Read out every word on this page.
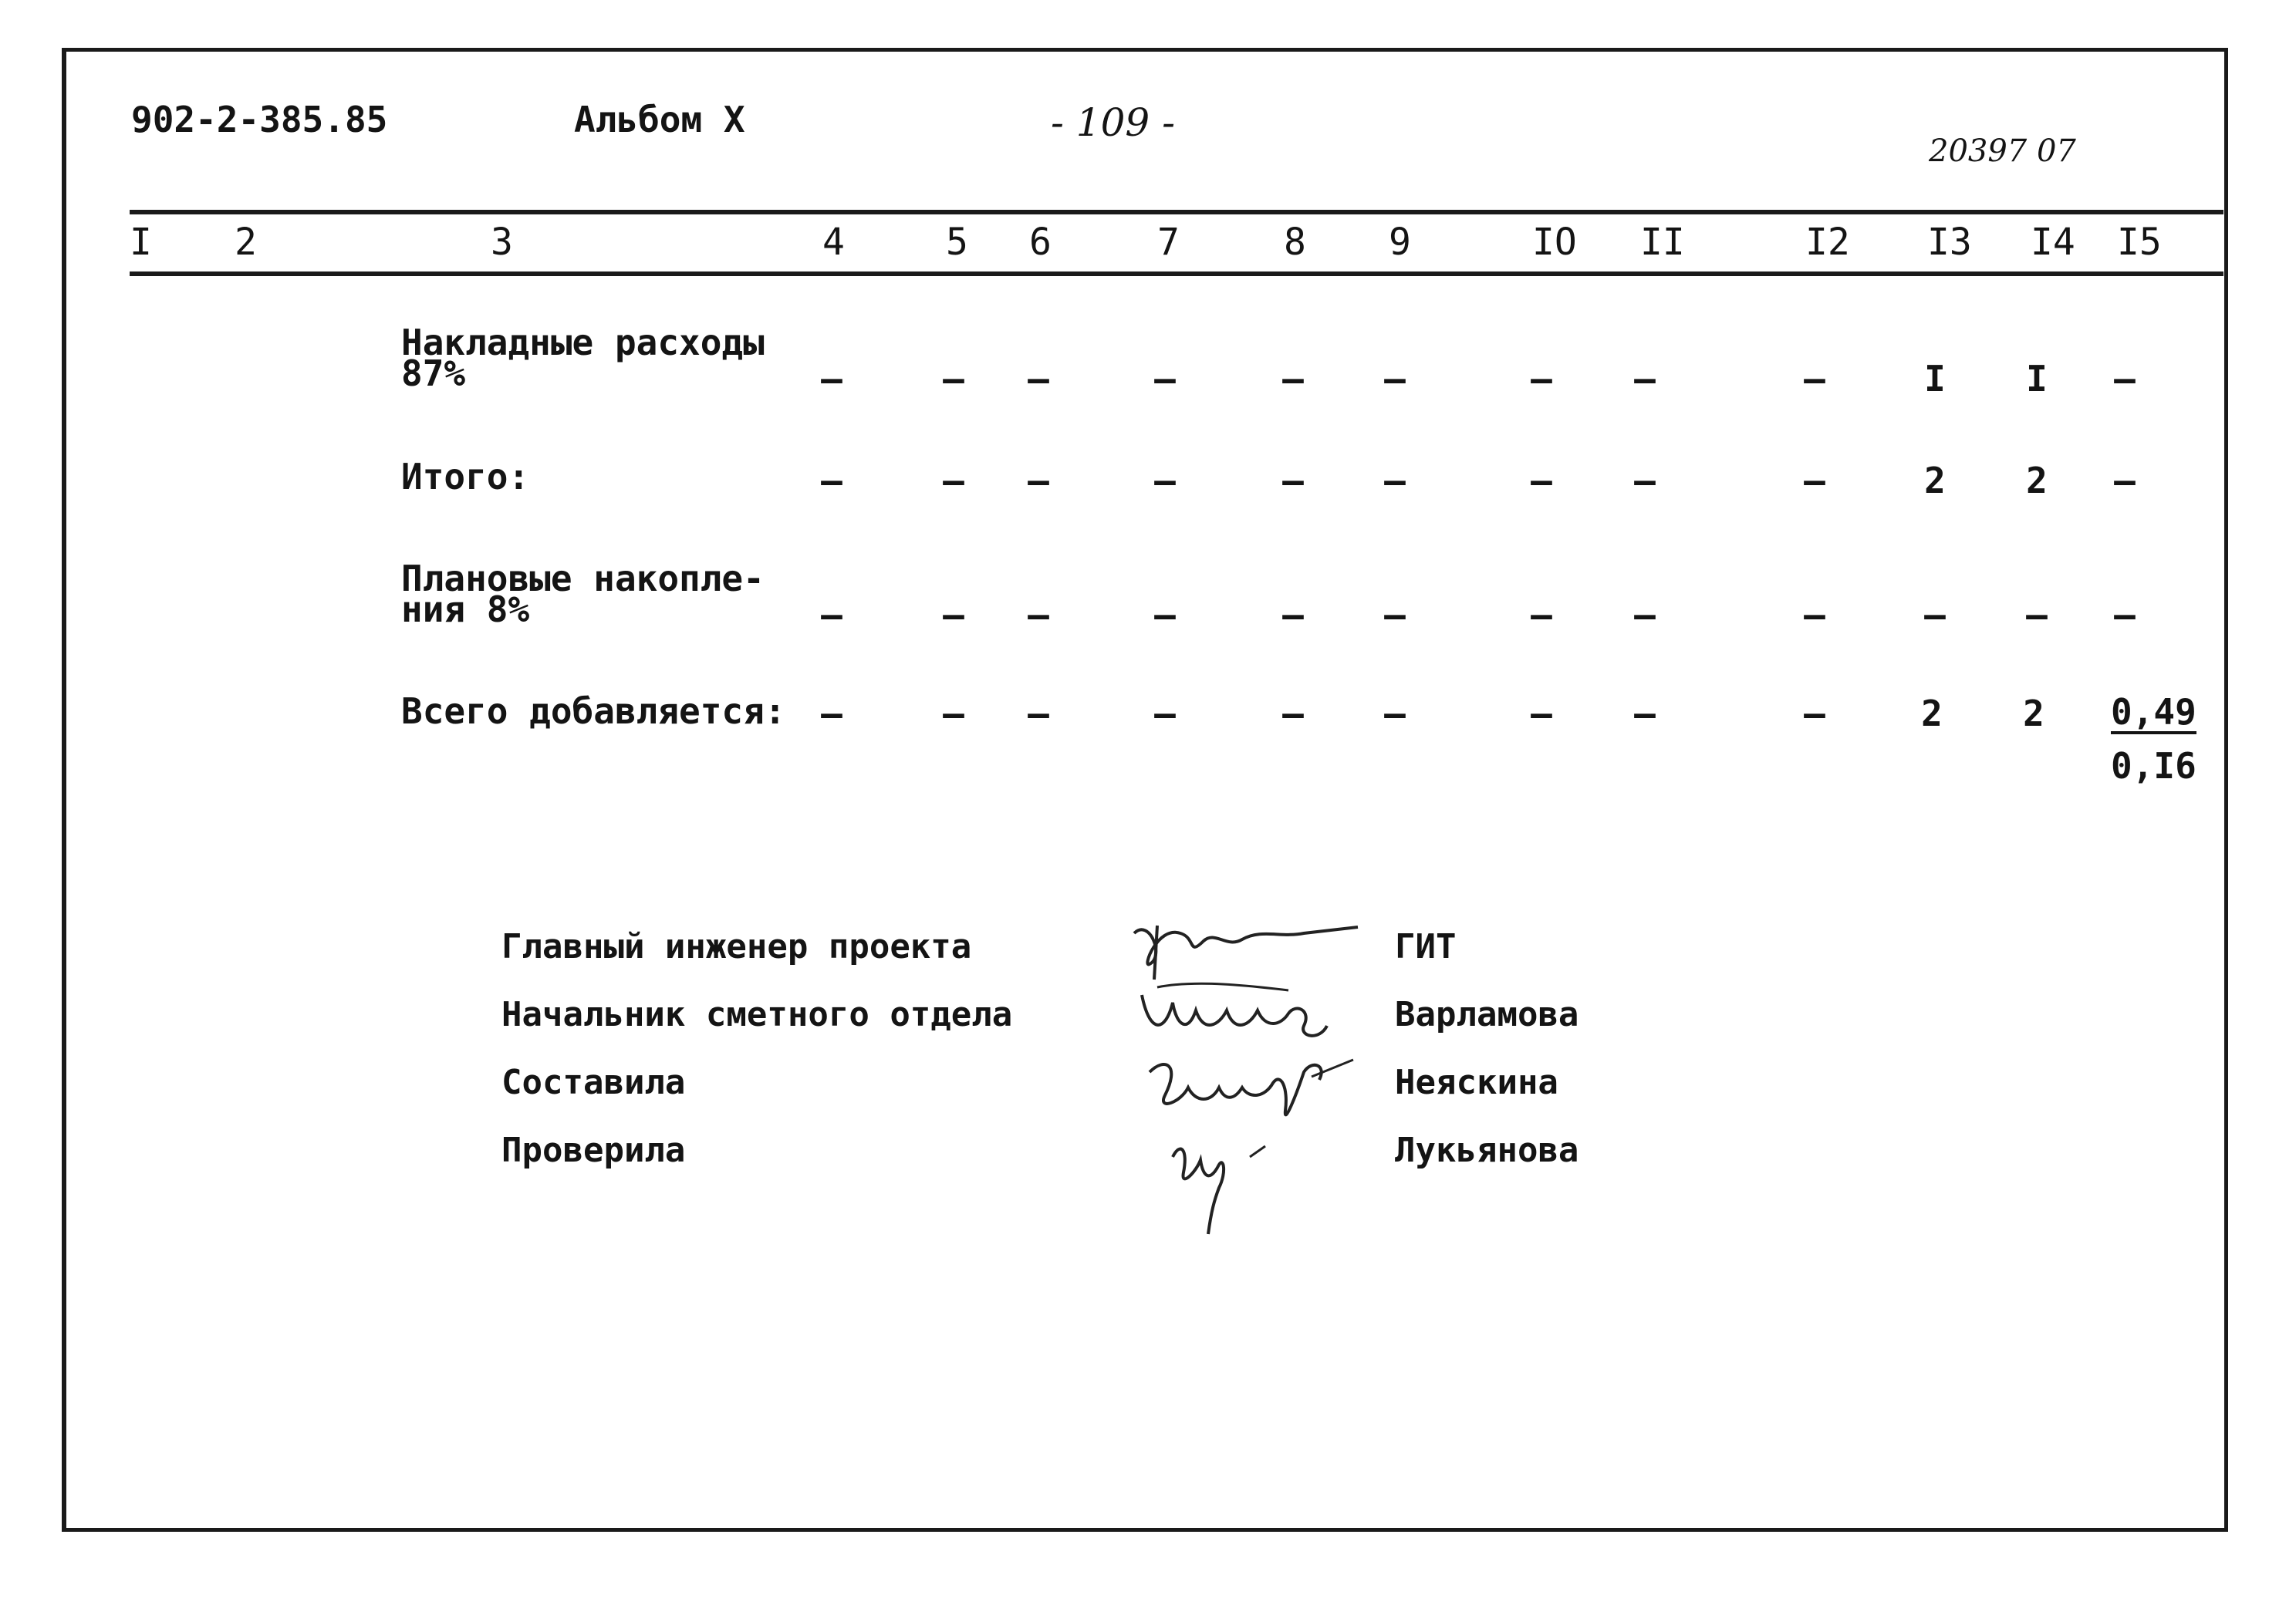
902-2-385.85	Альбом X	- 109 -
20397 07
I 2	3	4	5 6	7	8 9	IO II	I2 I3 I4 I5
Накладные расходы
87%	–	– –	–	– –	– –	–	I I –
Итого:	–	– –	–	– –	– –	–	2 2 –
Плановые накопле-
ния 8%	–	– –	–	– –	– –	–	– – –
Всего добавляется: –	– –	–	– –	– –	–	2 2 0,49
0,I6
Главный инженер проекта
Начальник сметного отдела
Составила
Проверила
ГИТ
Варламова
Неяскина
Лукьянова
